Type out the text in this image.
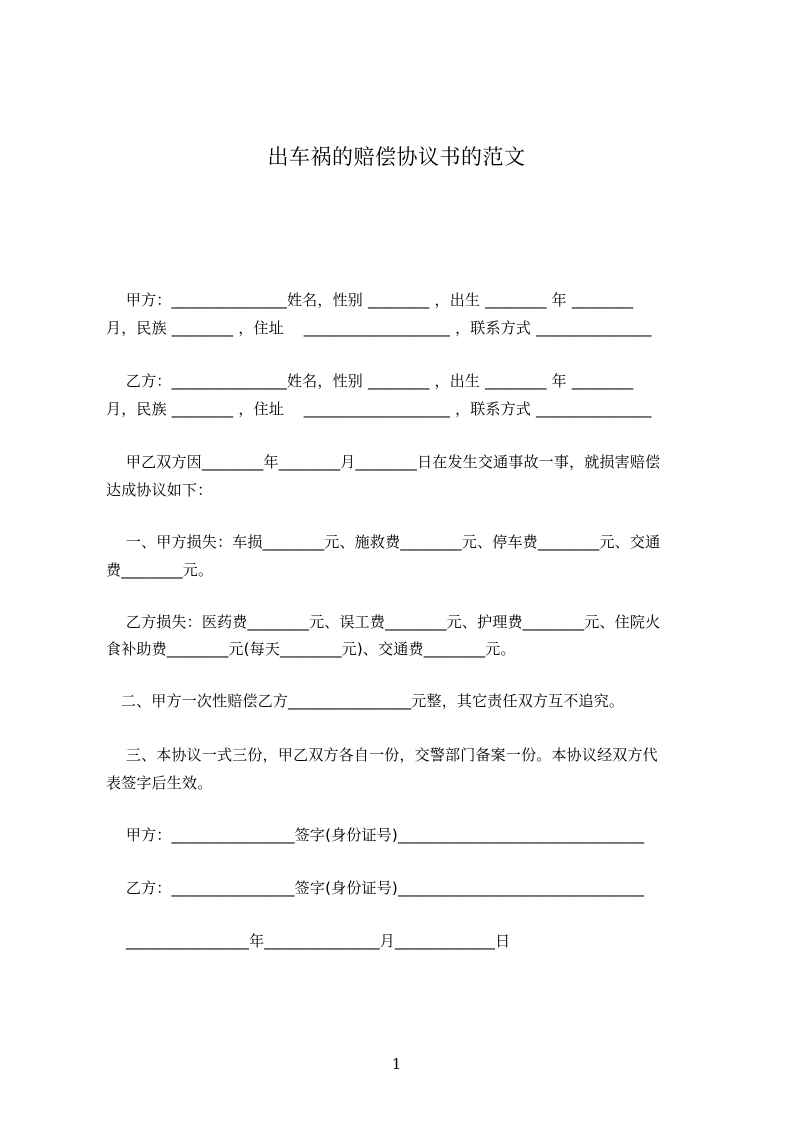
出车祸的赔偿协议书的范文
甲方：_______________姓名，性别 ________ ，出生 ________ 年 ________
月，民族 ________ ，住址    ___________________ ，联系方式 _______________
乙方：_______________姓名，性别 ________ ，出生 ________ 年 ________
月，民族 ________ ，住址    ___________________ ，联系方式 _______________
甲乙双方因________年________月________日在发生交通事故一事，就损害赔偿
达成协议如下：
一、甲方损失：车损________元、施救费________元、停车费________元、交通
费________元。
乙方损失：医药费________元、误工费________元、护理费________元、住院火
食补助费________元(每天________元)、交通费________元。
二、甲方一次性赔偿乙方________________元整，其它责任双方互不追究。
三、本协议一式三份，甲乙双方各自一份，交警部门备案一份。本协议经双方代
表签字后生效。
甲方：________________签字(身份证号)________________________________
乙方：________________签字(身份证号)________________________________
________________年_______________月_____________日
1
